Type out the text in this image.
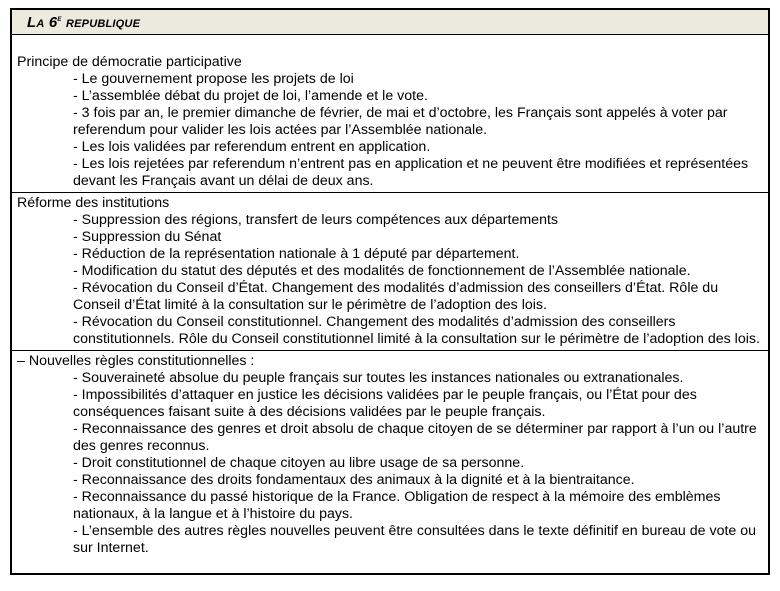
La 6e republique
Principe de démocratie participative
- Le gouvernement propose les projets de loi
- L’assemblée débat du projet de loi, l’amende et le vote.
- 3 fois par an, le premier dimanche de février, de mai et d’octobre, les Français sont appelés à voter par referendum pour valider les lois actées par l’Assemblée nationale.
- Les lois validées par referendum entrent en application.
- Les lois rejetées par referendum n’entrent pas en application et ne peuvent être modifiées et représentées devant les Français avant un délai de deux ans.
Réforme des institutions
- Suppression des régions, transfert de leurs compétences aux départements
- Suppression du Sénat
- Réduction de la représentation nationale à 1 député par département.
- Modification du statut des députés et des modalités de fonctionnement de l’Assemblée nationale.
- Révocation du Conseil d’État. Changement des modalités d’admission des conseillers d’État. Rôle du Conseil d’État limité à la consultation sur le périmètre de l’adoption des lois.
- Révocation du Conseil constitutionnel. Changement des modalités d’admission des conseillers constitutionnels. Rôle du Conseil constitutionnel limité à la consultation sur le périmètre de l’adoption des lois.
– Nouvelles règles constitutionnelles :
- Souveraineté absolue du peuple français sur toutes les instances nationales ou extranationales.
- Impossibilités d’attaquer en justice les décisions validées par le peuple français, ou l’État pour des conséquences faisant suite à des décisions validées par le peuple français.
- Reconnaissance des genres et droit absolu de chaque citoyen de se déterminer par rapport à l’un ou l’autre des genres reconnus.
- Droit constitutionnel de chaque citoyen au libre usage de sa personne.
- Reconnaissance des droits fondamentaux des animaux à la dignité et à la bientraitance.
- Reconnaissance du passé historique de la France. Obligation de respect à la mémoire des emblèmes nationaux, à la langue et à l’histoire du pays.
- L’ensemble des autres règles nouvelles peuvent être consultées dans le texte définitif en bureau de vote ou sur Internet.
